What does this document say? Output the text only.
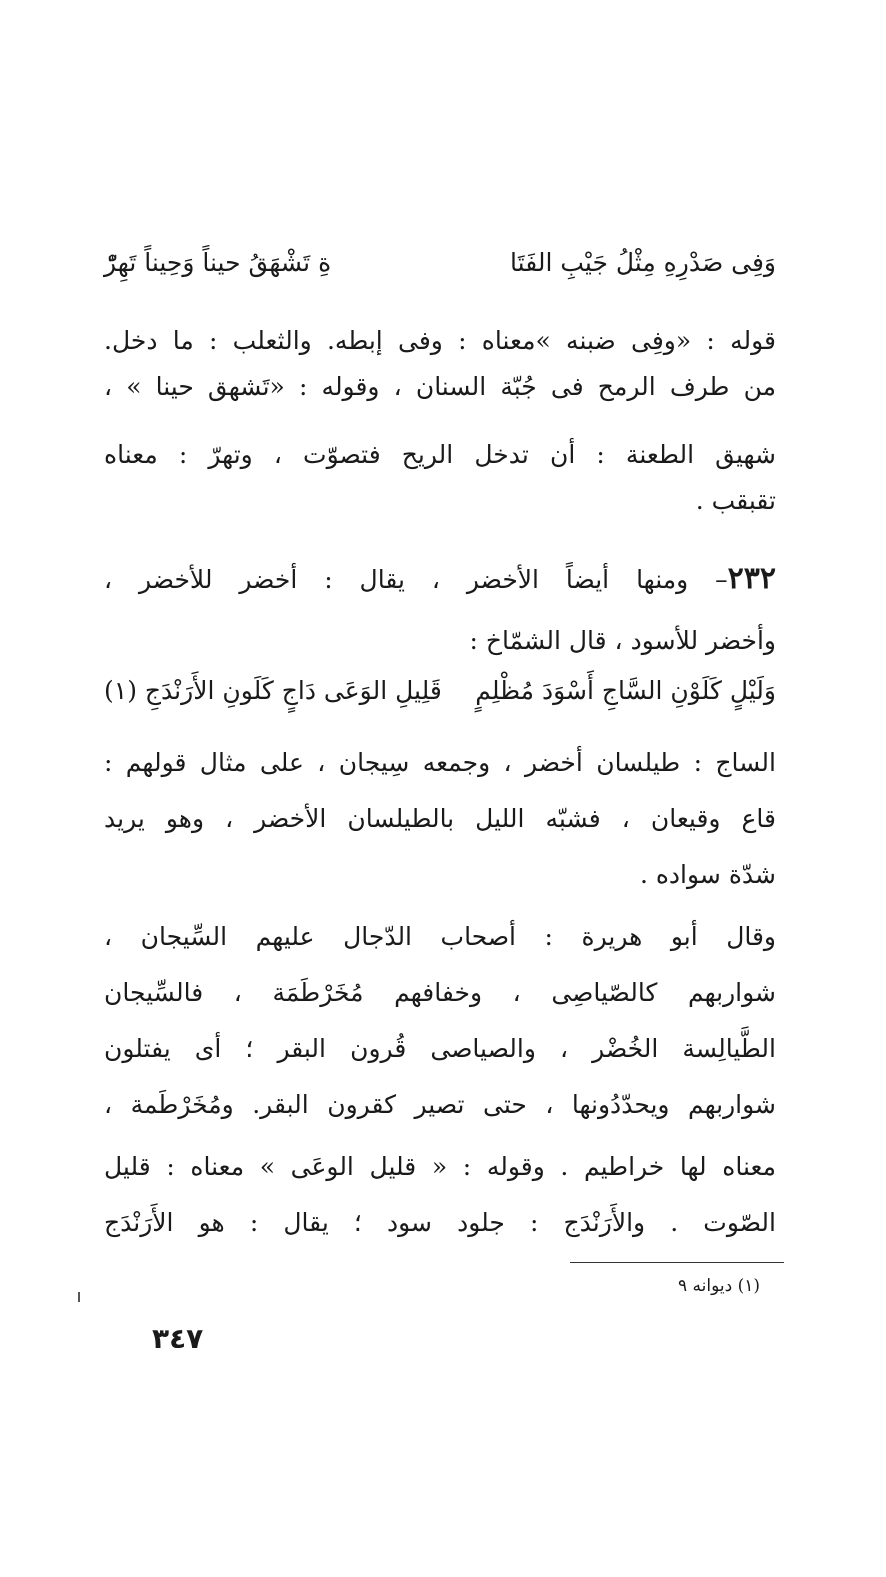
وَفِى صَدْرِهِ مِثْلُ جَيْبِ الفَتَا
ةِ تَشْهَقُ حيناً وَحِيناً تَهِرّْ
قوله : «وفِى ضبنه »معناه : وفى إبطه. والثعلب : ما دخل.
من طرف الرمح فى جُبّة السنان ، وقوله : «تَشهق حينا » ،
شهيق الطعنة : أن تدخل الريح فتصوّت ، وتهرّ : معناه
تقبقب .
٢٣٢– ومنها أيضاً الأخضر ، يقال : أخضر للأخضر ،
وأخضر للأسود ، قال الشمّاخ :
وَلَيْلٍ كَلَوْنِ السَّاجِ أَسْوَدَ مُظْلِمٍ
قَلِيلِ الوَعَى دَاجٍ كَلَونِ الأَرَنْدَجِ (١)
الساج : طيلسان أخضر ، وجمعه سِيجان ، على مثال قولهم :
قاع وقيعان ، فشبّه الليل بالطيلسان الأخضر ، وهو يريد
شدّة سواده .
وقال أبو هريرة : أصحاب الدّجال عليهم السِّيجان ،
شواربهم كالصّياصِى ، وخفافهم مُخَرْطَمَة ، فالسِّيجان
الطَّيالِسة الخُضْر ، والصياصى قُرون البقر ؛ أى يفتلون
شواربهم ويحدّدُونها ، حتى تصير كقرون البقر. ومُخَرْطَمة ،
معناه لها خراطيم . وقوله : « قليل الوعَى » معناه : قليل
الصّوت . والأَرَنْدَج : جلود سود ؛ يقال : هو الأَرَنْدَج
(١) ديوانه ٩
٣٤٧
